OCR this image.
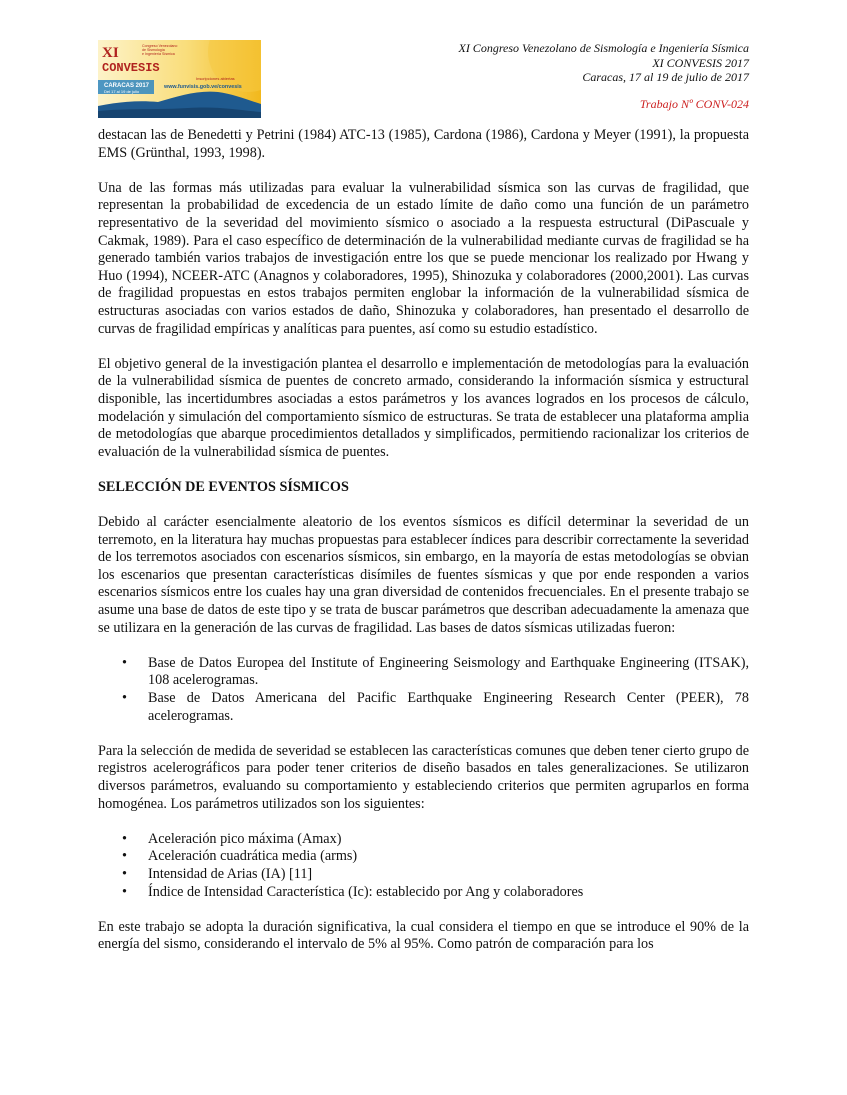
XI
CONVESIS
Congreso Venezolano
de Sismología
e Ingeniería Sísmica
CARACAS 2017
Del 17 al 19 de julio
Inscripciones abiertas
www.funvisis.gob.ve/convesis
XI Congreso Venezolano de Sismología e Ingeniería Sísmica
XI CONVESIS 2017
Caracas, 17 al 19 de julio de 2017
Trabajo Nº CONV-024

destacan las de Benedetti y Petrini (1984) ATC-13 (1985), Cardona (1986), Cardona y Meyer (1991), la propuesta EMS (Grünthal, 1993, 1998).

Una de las formas más utilizadas para evaluar la vulnerabilidad sísmica son las curvas de fragilidad, que representan la probabilidad de excedencia de un estado límite de daño como una función de un parámetro representativo de la severidad del movimiento sísmico o asociado a la respuesta estructural (DiPascuale y Cakmak, 1989). Para el caso específico de determinación de la vulnerabilidad mediante curvas de fragilidad se ha generado también varios trabajos de investigación entre los que se puede mencionar los realizado por Hwang y Huo (1994), NCEER-ATC (Anagnos y colaboradores, 1995), Shinozuka y colaboradores (2000,2001). Las curvas de fragilidad propuestas en estos trabajos permiten englobar la información de la vulnerabilidad sísmica de estructuras asociadas con varios estados de daño, Shinozuka y colaboradores, han presentado el desarrollo de curvas de fragilidad empíricas y analíticas para puentes, así como su estudio estadístico.

El objetivo general de la investigación plantea el desarrollo e implementación de metodologías para la evaluación de la vulnerabilidad sísmica de puentes de concreto armado, considerando la información sísmica y estructural disponible, las incertidumbres asociadas a estos parámetros y los avances logrados en los procesos de cálculo, modelación y simulación del comportamiento sísmico de estructuras. Se trata de establecer una plataforma amplia de metodologías que abarque procedimientos detallados y simplificados, permitiendo racionalizar los criterios de evaluación de la vulnerabilidad sísmica de puentes.

SELECCIÓN DE EVENTOS SÍSMICOS

Debido al carácter esencialmente aleatorio de los eventos sísmicos es difícil determinar la severidad de un terremoto, en la literatura hay muchas propuestas para establecer índices para describir correctamente la severidad de los terremotos asociados con escenarios sísmicos, sin embargo, en la mayoría de estas metodologías se obvian los escenarios que presentan características disímiles de fuentes sísmicas y que por ende responden a varios escenarios sísmicos entre los cuales hay una gran diversidad de contenidos frecuenciales. En el presente trabajo se asume una base de datos de este tipo y se trata de buscar parámetros que describan adecuadamente la amenaza que se utilizara en la generación de las curvas de fragilidad. Las bases de datos sísmicas utilizadas fueron:

• Base de Datos Europea del Institute of Engineering Seismology and Earthquake Engineering (ITSAK), 108 acelerogramas.
• Base de Datos Americana del Pacific Earthquake Engineering Research Center (PEER), 78 acelerogramas.

Para la selección de medida de severidad se establecen las características comunes que deben tener cierto grupo de registros acelerográficos para poder tener criterios de diseño basados en tales generalizaciones. Se utilizaron diversos parámetros, evaluando su comportamiento y estableciendo criterios que permiten agruparlos en forma homogénea. Los parámetros utilizados son los siguientes:

• Aceleración pico máxima (Amax)
• Aceleración cuadrática media (arms)
• Intensidad de Arias (IA) [11]
• Índice de Intensidad Característica (Ic): establecido por Ang y colaboradores

En este trabajo se adopta la duración significativa, la cual considera el tiempo en que se introduce el 90% de la energía del sismo, considerando el intervalo de 5% al 95%. Como patrón de comparación para los
